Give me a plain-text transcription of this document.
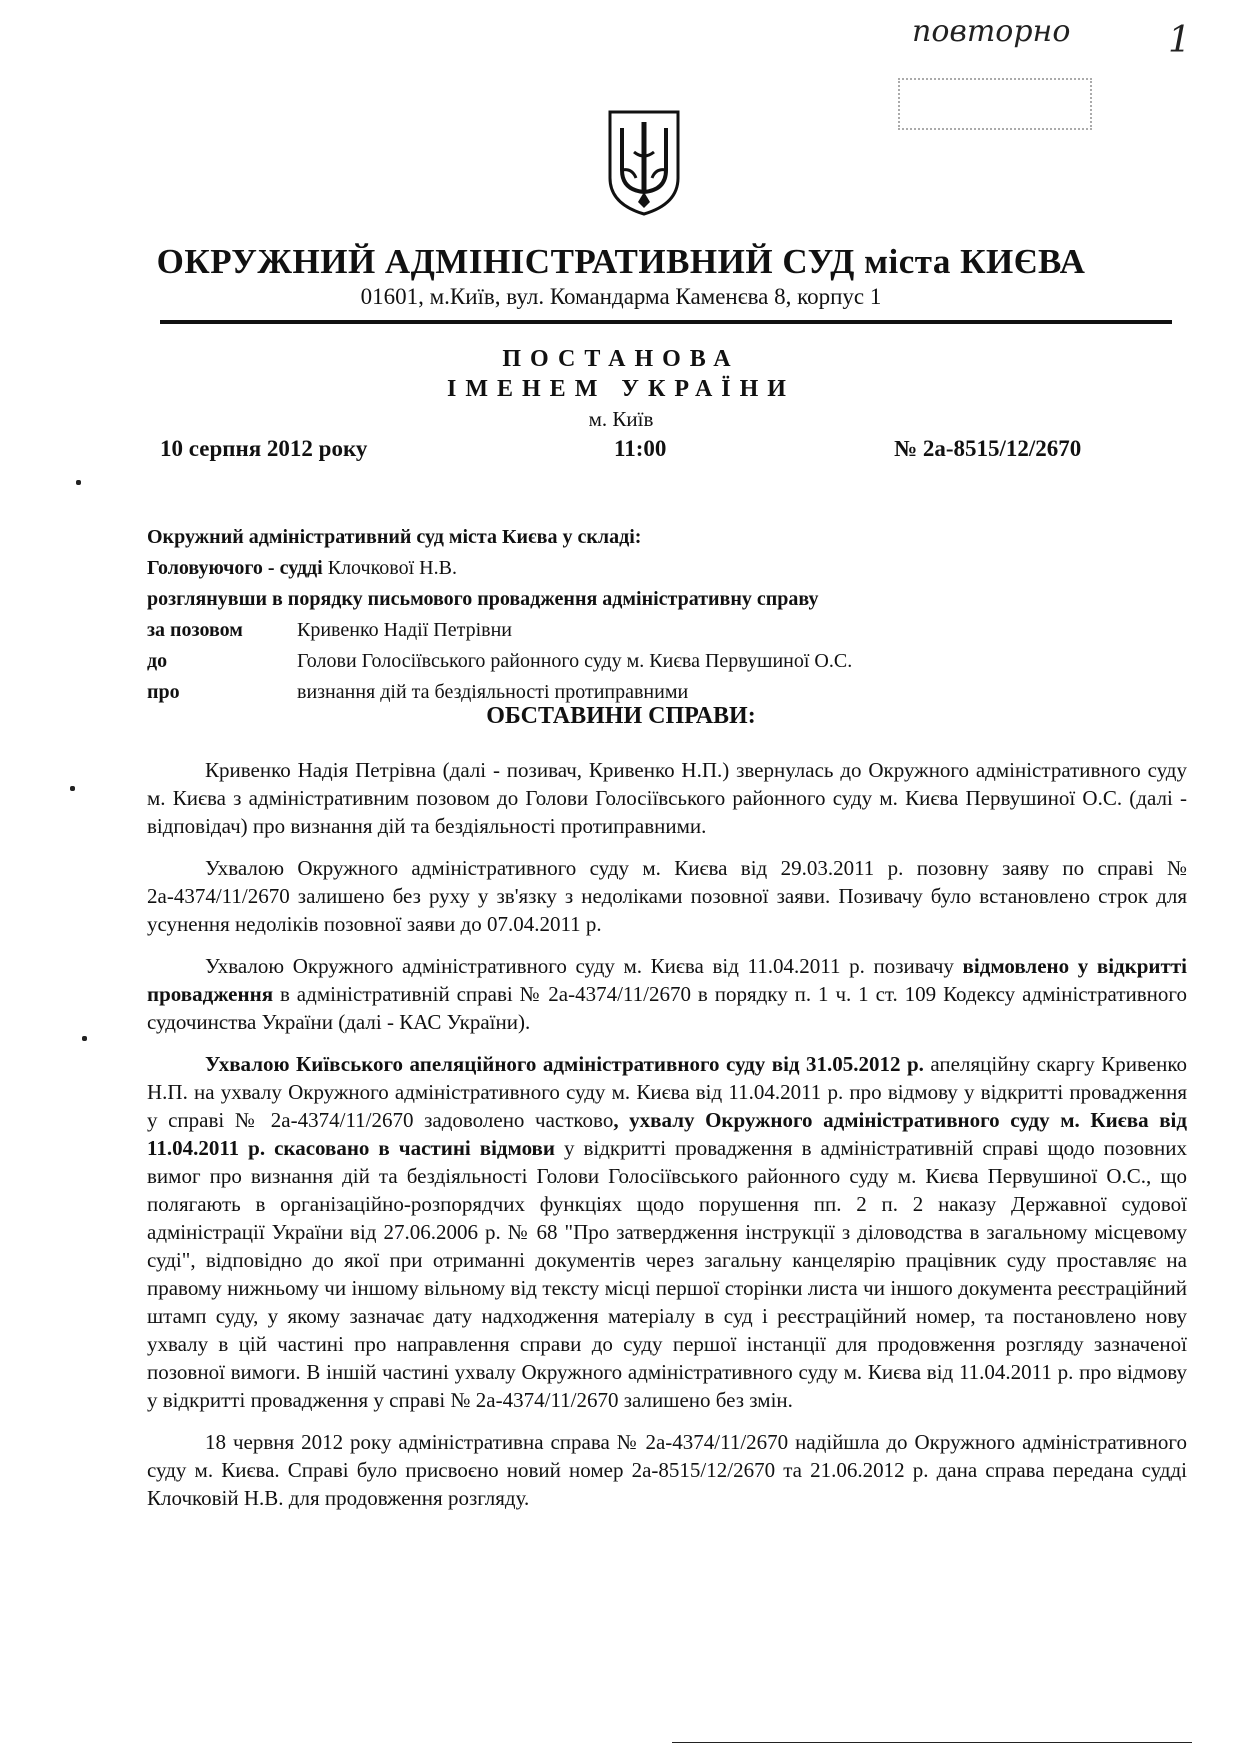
повторно	1
ОКРУЖНИЙ АДМІНІСТРАТИВНИЙ СУД міста КИЄВА
01601, м.Київ, вул. Командарма Каменєва 8, корпус 1
ПОСТАНОВА
ІМЕНЕМ УКРАЇНИ
м. Київ
10 серпня 2012 року	11:00	№ 2а-8515/12/2670
Окружний адміністративний суд міста Києва у складі:
Головуючого - судді Клочкової Н.В.
розглянувши в порядку письмового провадження адміністративну справу
за позовом	Кривенко Надії Петрівни
до	Голови Голосіївського районного суду м. Києва Первушиної О.С.
про	визнання дій та бездіяльності протиправними
ОБСТАВИНИ СПРАВИ:

Кривенко Надія Петрівна (далі - позивач, Кривенко Н.П.) звернулась до Окружного адміністративного суду м. Києва з адміністративним позовом до Голови Голосіївського районного суду м. Києва Первушиної О.С. (далі - відповідач) про визнання дій та бездіяльності протиправними.

Ухвалою Окружного адміністративного суду м. Києва від 29.03.2011 р. позовну заяву по справі № 2а-4374/11/2670 залишено без руху у зв'язку з недоліками позовної заяви. Позивачу було встановлено строк для усунення недоліків позовної заяви до 07.04.2011 р.

Ухвалою Окружного адміністративного суду м. Києва від 11.04.2011 р. позивачу відмовлено у відкритті провадження в адміністративній справі № 2а-4374/11/2670 в порядку п. 1 ч. 1 ст. 109 Кодексу адміністративного судочинства України (далі - КАС України).

Ухвалою Київського апеляційного адміністративного суду від 31.05.2012 р. апеляційну скаргу Кривенко Н.П. на ухвалу Окружного адміністративного суду м. Києва від 11.04.2011 р. про відмову у відкритті провадження у справі № 2а-4374/11/2670 задоволено частково, ухвалу Окружного адміністративного суду м. Києва від 11.04.2011 р. скасовано в частині відмови у відкритті провадження в адміністративній справі щодо позовних вимог про визнання дій та бездіяльності Голови Голосіївського районного суду м. Києва Первушиної О.С., що полягають в організаційно-розпорядчих функціях щодо порушення пп. 2 п. 2 наказу Державної судової адміністрації України від 27.06.2006 р. № 68 "Про затвердження інструкції з діловодства в загальному місцевому суді", відповідно до якої при отриманні документів через загальну канцелярію працівник суду проставляє на правому нижньому чи іншому вільному від тексту місці першої сторінки листа чи іншого документа реєстраційний штамп суду, у якому зазначає дату надходження матеріалу в суд і реєстраційний номер, та постановлено нову ухвалу в цій частині про направлення справи до суду першої інстанції для продовження розгляду зазначеної позовної вимоги. В іншій частині ухвалу Окружного адміністративного суду м. Києва від 11.04.2011 р. про відмову у відкритті провадження у справі № 2а-4374/11/2670 залишено без змін.

18 червня 2012 року адміністративна справа № 2а-4374/11/2670 надійшла до Окружного адміністративного суду м. Києва. Справі було присвоєно новий номер 2а-8515/12/2670 та 21.06.2012 р. дана справа передана судді Клочковій Н.В. для продовження розгляду.
